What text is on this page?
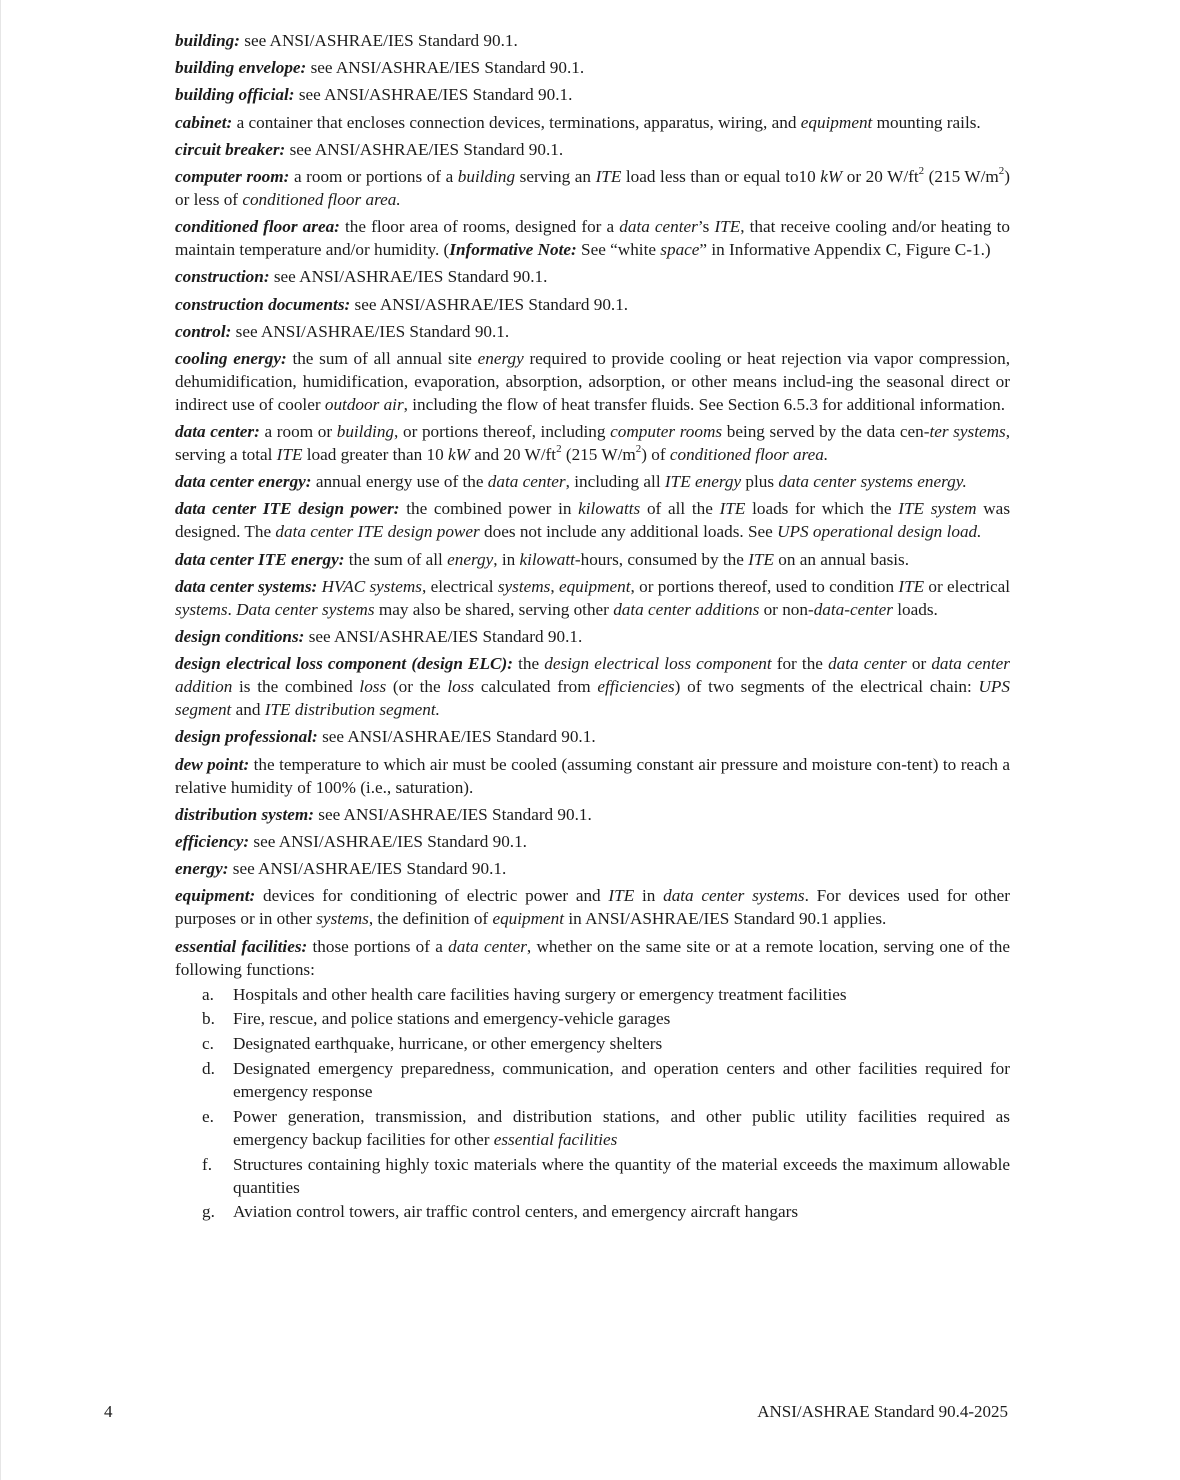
building: see ANSI/ASHRAE/IES Standard 90.1.

building envelope: see ANSI/ASHRAE/IES Standard 90.1.

building official: see ANSI/ASHRAE/IES Standard 90.1.

cabinet: a container that encloses connection devices, terminations, apparatus, wiring, and equipment mounting rails.

circuit breaker: see ANSI/ASHRAE/IES Standard 90.1.

computer room: a room or portions of a building serving an ITE load less than or equal to10 kW or 20 $W/ft^2$ (215 $W/m^2$) or less of conditioned floor area.

conditioned floor area: the floor area of rooms, designed for a data center’s ITE, that receive cooling and/or heating to maintain temperature and/or humidity. (Informative Note: See “white space” in Informative Appendix C, Figure C-1.)

construction: see ANSI/ASHRAE/IES Standard 90.1.

construction documents: see ANSI/ASHRAE/IES Standard 90.1.

control: see ANSI/ASHRAE/IES Standard 90.1.

cooling energy: the sum of all annual site energy required to provide cooling or heat rejection via vapor compression, dehumidification, humidification, evaporation, absorption, adsorption, or other means includ-ing the seasonal direct or indirect use of cooler outdoor air, including the flow of heat transfer fluids. See Section 6.5.3 for additional information.

data center: a room or building, or portions thereof, including computer rooms being served by the data cen-ter systems, serving a total ITE load greater than 10 kW and 20 $W/ft^2$ (215 $W/m^2$) of conditioned floor area.

data center energy: annual energy use of the data center, including all ITE energy plus data center systems energy.

data center ITE design power: the combined power in kilowatts of all the ITE loads for which the ITE system was designed. The data center ITE design power does not include any additional loads. See UPS operational design load.

data center ITE energy: the sum of all energy, in kilowatt-hours, consumed by the ITE on an annual basis.

data center systems: HVAC systems, electrical systems, equipment, or portions thereof, used to condition ITE or electrical systems. Data center systems may also be shared, serving other data center additions or non-data-center loads.

design conditions: see ANSI/ASHRAE/IES Standard 90.1.

design electrical loss component (design ELC): the design electrical loss component for the data center or data center addition is the combined loss (or the loss calculated from efficiencies) of two segments of the electrical chain: UPS segment and ITE distribution segment.

design professional: see ANSI/ASHRAE/IES Standard 90.1.

dew point: the temperature to which air must be cooled (assuming constant air pressure and moisture con-tent) to reach a relative humidity of 100% (i.e., saturation).

distribution system: see ANSI/ASHRAE/IES Standard 90.1.

efficiency: see ANSI/ASHRAE/IES Standard 90.1.

energy: see ANSI/ASHRAE/IES Standard 90.1.

equipment: devices for conditioning of electric power and ITE in data center systems. For devices used for other purposes or in other systems, the definition of equipment in ANSI/ASHRAE/IES Standard 90.1 applies.

essential facilities: those portions of a data center, whether on the same site or at a remote location, serving one of the following functions:

a.	Hospitals and other health care facilities having surgery or emergency treatment facilities
b.	Fire, rescue, and police stations and emergency-vehicle garages
c.	Designated earthquake, hurricane, or other emergency shelters
d.	Designated emergency preparedness, communication, and operation centers and other facilities required for emergency response
e.	Power generation, transmission, and distribution stations, and other public utility facilities required as emergency backup facilities for other essential facilities
f.	Structures containing highly toxic materials where the quantity of the material exceeds the maximum allowable quantities
g.	Aviation control towers, air traffic control centers, and emergency aircraft hangars
4	ANSI/ASHRAE Standard 90.4-2025
